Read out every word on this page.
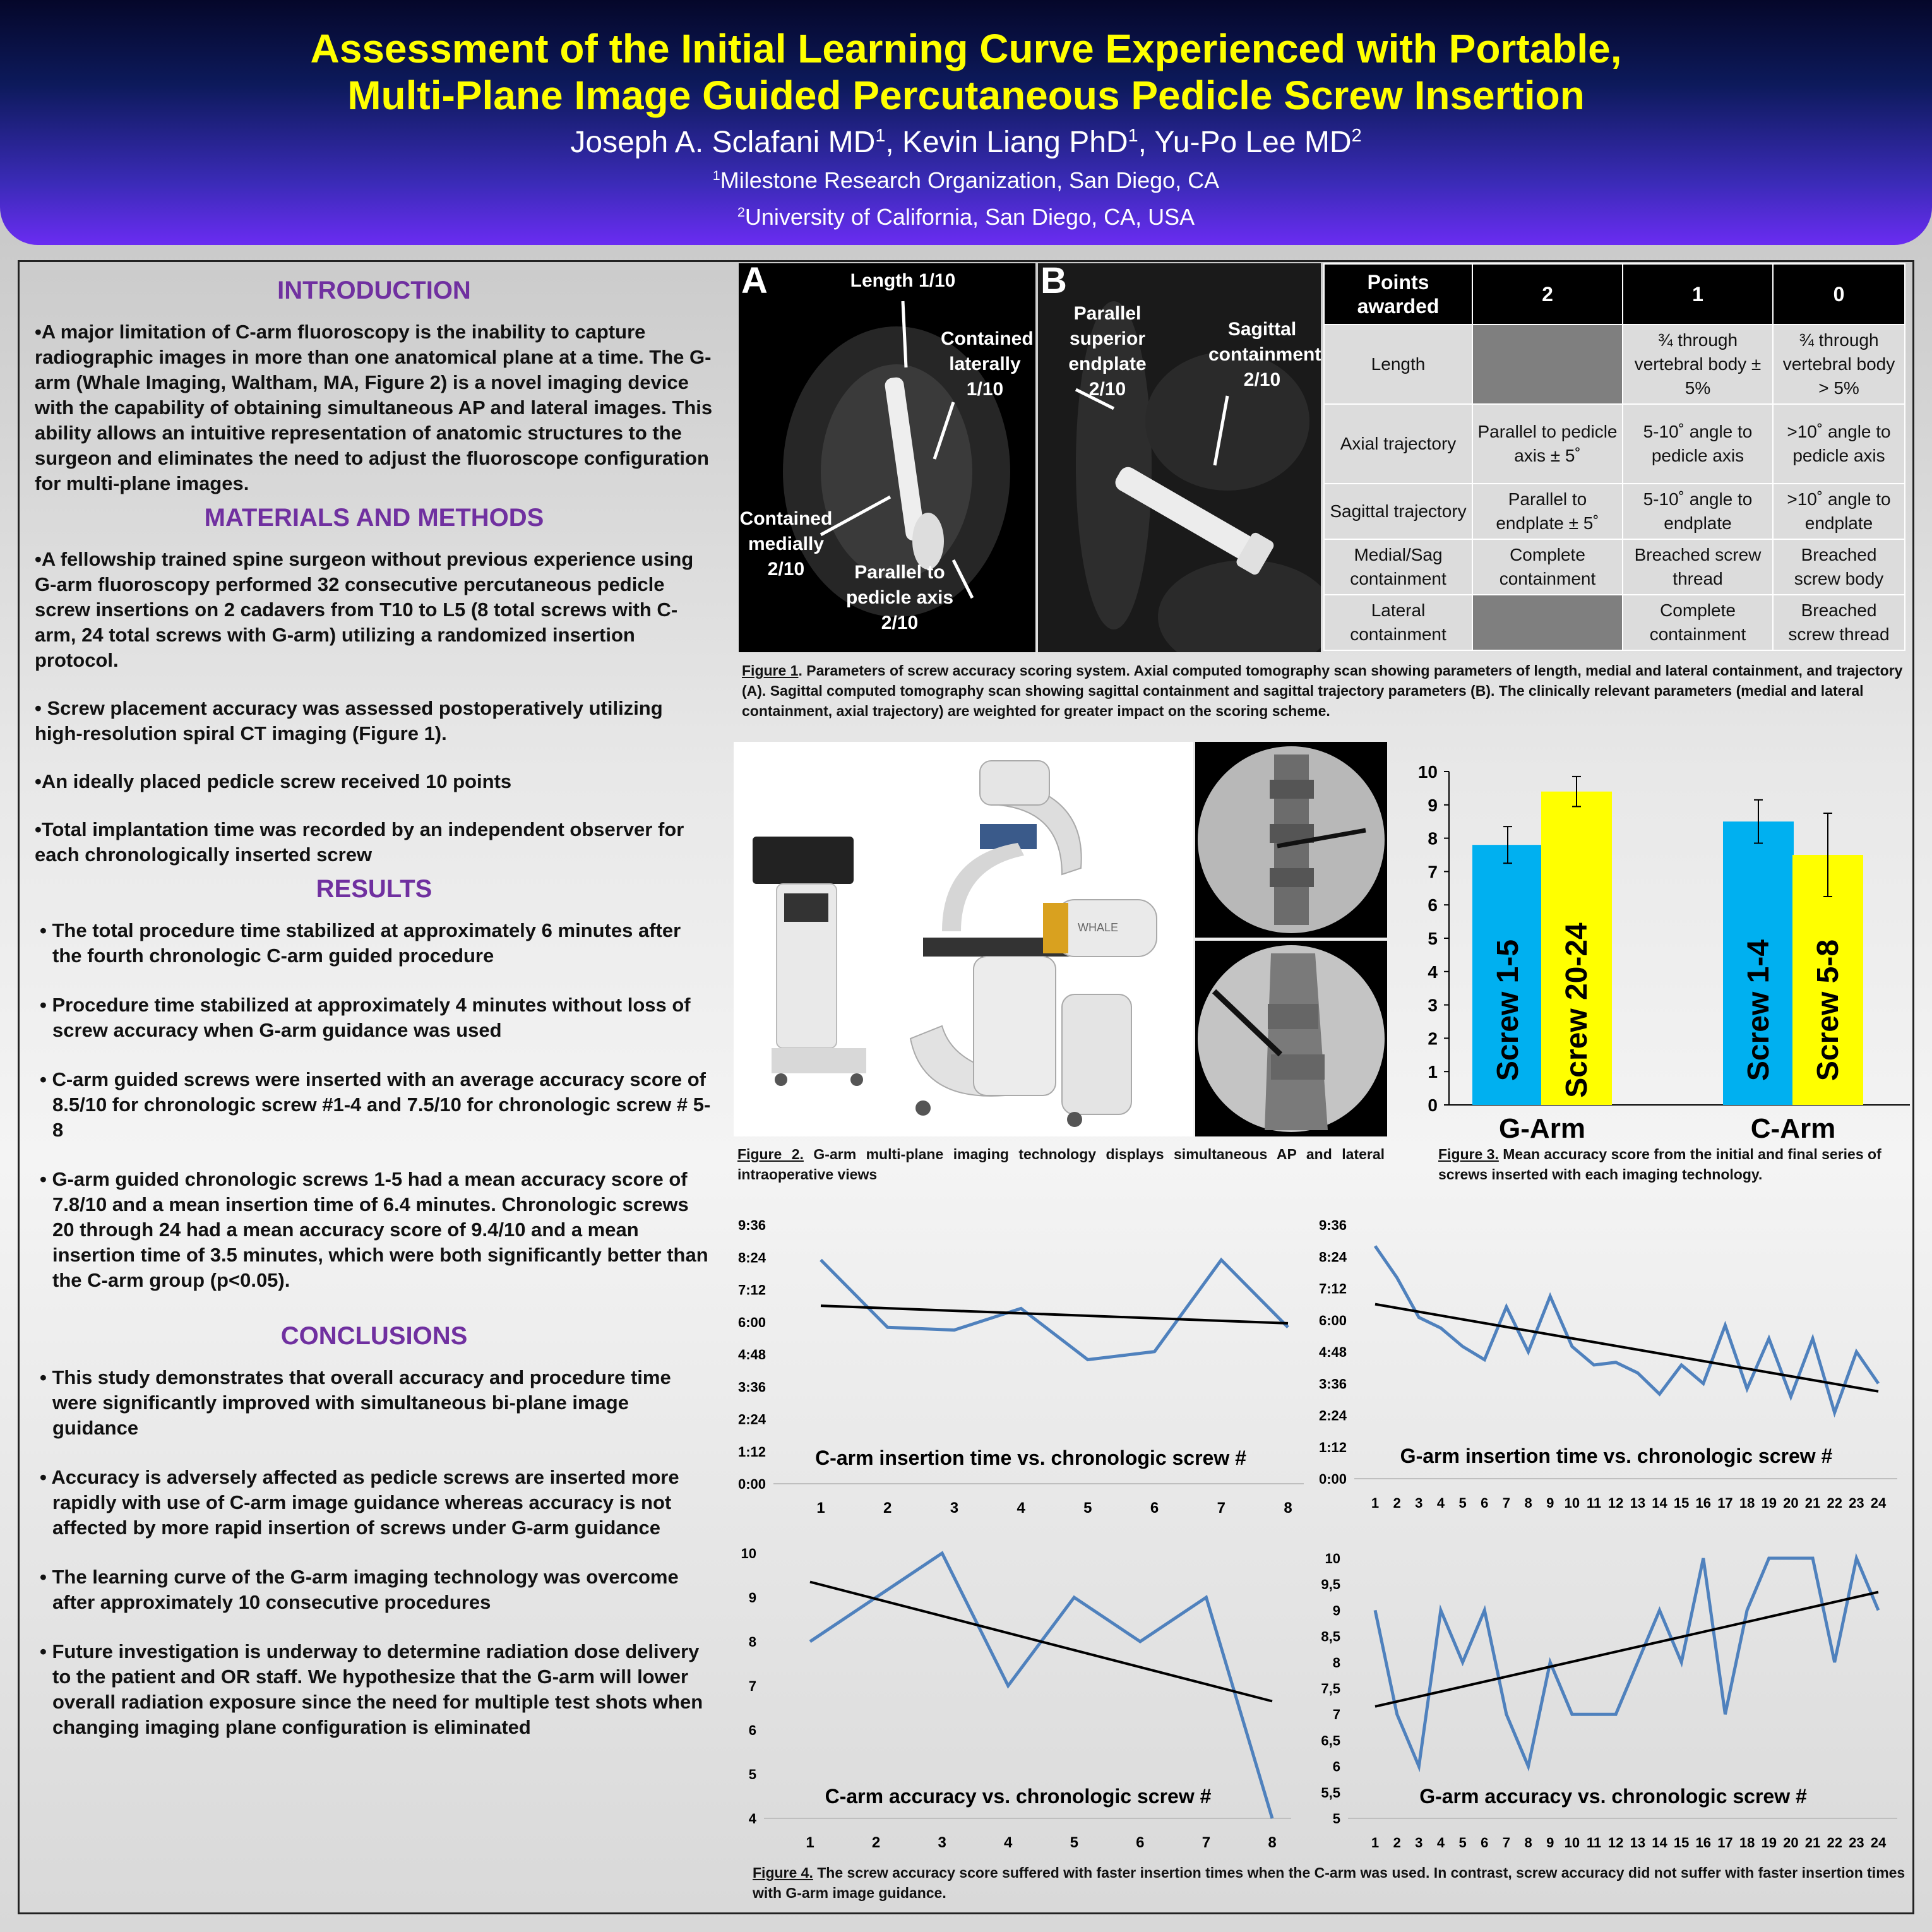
Assessment of the Initial Learning Curve Experienced with Portable,
Multi-Plane Image Guided Percutaneous Pedicle Screw Insertion
Joseph A. Sclafani $MD^1$, Kevin Liang PhD$^1$, Yu-Po Lee $MD^2$
$^1$Milestone Research Organization, San Diego, CA
$^2$University of California, San Diego, CA, USA
INTRODUCTION
•A major limitation of C-arm fluoroscopy is the inability to capture radiographic images in more than one anatomical plane at a time. The G-arm (Whale Imaging, Waltham, MA, Figure 2) is a novel imaging device with the capability of obtaining simultaneous AP and lateral images. This ability allows an intuitive representation of anatomic structures to the surgeon and eliminates the need to adjust the fluoroscope configuration for multi-plane images.
MATERIALS AND METHODS
•A fellowship trained spine surgeon without previous experience using G-arm fluoroscopy performed 32 consecutive percutaneous pedicle screw insertions on 2 cadavers from T10 to L5 (8 total screws with C-arm, 24 total screws with G-arm) utilizing a randomized insertion protocol.
• Screw placement accuracy was assessed postoperatively utilizing high-resolution spiral CT imaging (Figure 1).
•An ideally placed pedicle screw received 10 points
•Total implantation time was recorded by an independent observer for each chronologically inserted screw
RESULTS
• The total procedure time stabilized at approximately 6 minutes after the fourth chronologic C-arm guided procedure
• Procedure time stabilized at approximately 4 minutes without loss of screw accuracy when G-arm guidance was used
• C-arm guided screws were inserted with an average accuracy score of 8.5/10 for chronologic screw #1-4 and 7.5/10 for chronologic screw # 5-8
• G-arm guided chronologic screws 1-5 had a mean accuracy score of 7.8/10 and a mean insertion time of 6.4 minutes. Chronologic screws 20 through 24 had a mean accuracy score of 9.4/10 and a mean insertion time of 3.5 minutes, which were both significantly better than the C-arm group (p<0.05).
CONCLUSIONS
• This study demonstrates that overall accuracy and procedure time were significantly improved with simultaneous bi-plane image guidance
• Accuracy is adversely affected as pedicle screws are inserted more rapidly with use of C-arm image guidance whereas accuracy is not affected by more rapid insertion of screws under G-arm guidance
• The learning curve of the G-arm imaging technology was overcome after approximately 10 consecutive procedures
• Future investigation is underway to determine radiation dose delivery to the patient and OR staff. We hypothesize that the G-arm will lower overall radiation exposure since the need for multiple test shots when changing imaging plane configuration is eliminated
A	Length 1/10
Contained laterally 1/10
Contained medially 2/10	Parallel to pedicle axis 2/10
B
Parallel superior endplate 2/10
Sagittal containment 2/10
Points awarded	2	1	0
Length		¾ through vertebral body ± 5%	¾ through vertebral body > 5%
Axial trajectory	Parallel to pedicle axis ± 5˚	5-10˚ angle to pedicle axis	>10˚ angle to pedicle axis
Sagittal trajectory	Parallel to endplate ± 5˚	5-10˚ angle to endplate	>10˚ angle to endplate
Medial/Sag containment	Complete containment	Breached screw thread	Breached screw body
Lateral containment		Complete containment	Breached screw thread
Figure 1. Parameters of screw accuracy scoring system. Axial computed tomography scan showing parameters of length, medial and lateral containment, and trajectory (A). Sagittal computed tomography scan showing sagittal containment and sagittal trajectory parameters (B). The clinically relevant parameters (medial and lateral containment, axial trajectory) are weighted for greater impact on the scoring scheme.
WHALE
Figure 2. G-arm multi-plane imaging technology displays simultaneous AP and lateral intraoperative views
0
1
2
3
4
5
6
7
8
9
10
Screw 1-5 Screw 20-24	Screw 1-4 Screw 5-8
G-Arm	C-Arm
Figure 3. Mean accuracy score from the initial and final series of screws inserted with each imaging technology.
0:00
1:12
2:24
3:36
4:48
6:00
7:12
8:24
9:36
1	2	3	4	5	6	7	8
C-arm insertion time vs. chronologic screw #
0:00
1:12
2:24
3:36
4:48
6:00
7:12
8:24
9:36
1 2 3 4 5 6 7 8 9 10 11 12 13 14 15 16 17 18 19 20 21 22 23 24
G-arm insertion time vs. chronologic screw #
4
5
6
7
8
9
10
1	2	3	4	5	6	7	8
C-arm accuracy vs. chronologic screw #
5
5,5
6
6,5
7
7,5
8
8,5
9
9,5
10
1 2 3 4 5 6 7 8 9 10 11 12 13 14 15 16 17 18 19 20 21 22 23 24
G-arm accuracy vs. chronologic screw #
Figure 4. The screw accuracy score suffered with faster insertion times when the C-arm was used. In contrast, screw accuracy did not suffer with faster insertion times with G-arm image guidance.
